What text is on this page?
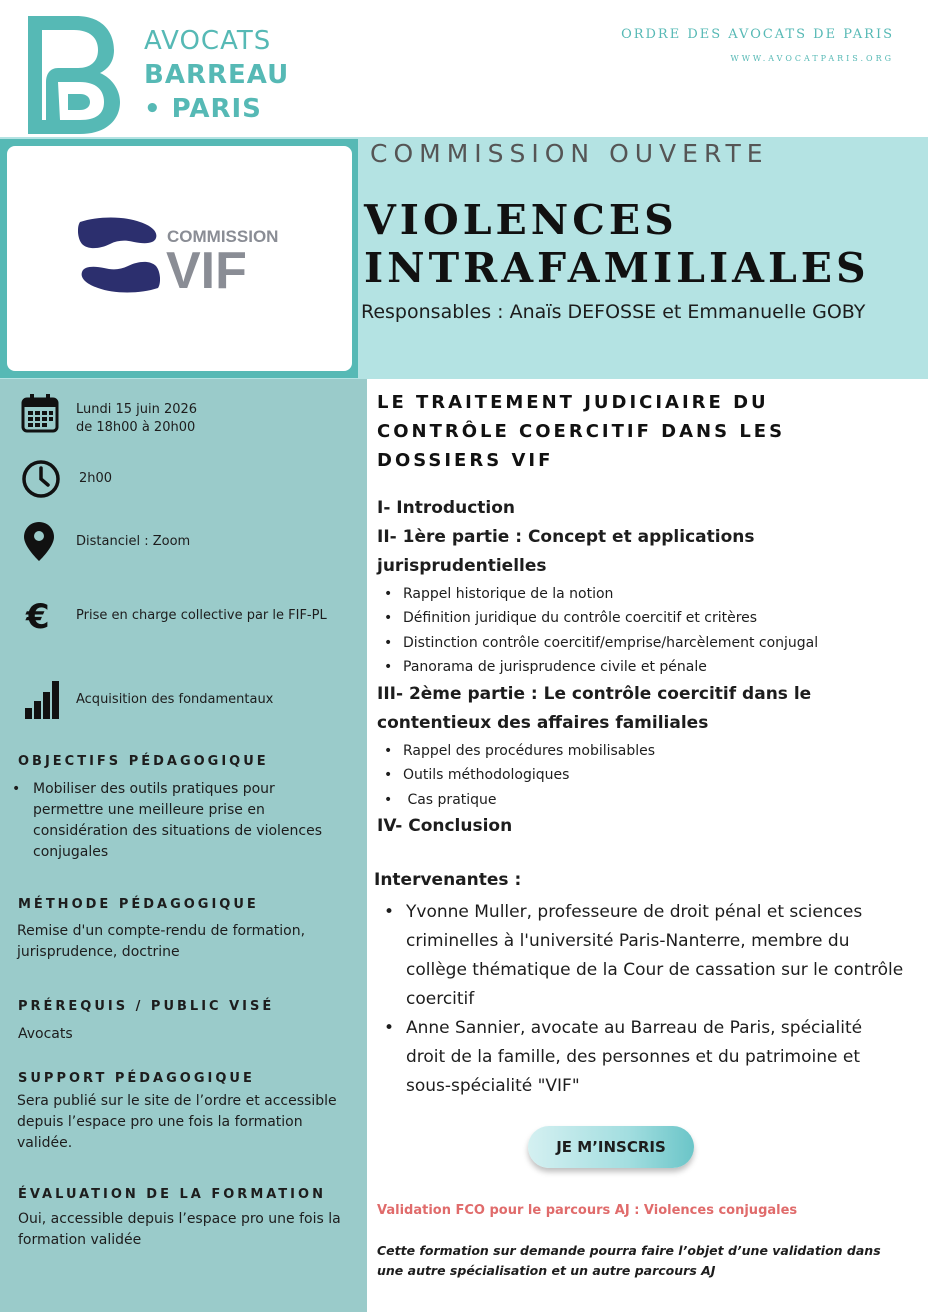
AVOCATS
BARREAU
• PARIS
ORDRE DES AVOCATS DE PARIS
WWW.AVOCATPARIS.ORG
COMMISSION
VIF
COMMISSION OUVERTE
VIOLENCES
INTRAFAMILIALES
Responsables : Anaïs DEFOSSE et Emmanuelle GOBY
Lundi 15 juin 2026
de 18h00 à 20h00
2h00
Distanciel : Zoom
€ Prise en charge collective par le FIF-PL
Acquisition des fondamentaux
OBJECTIFS PÉDAGOGIQUE
• Mobiliser des outils pratiques pour permettre une meilleure prise en considération des situations de violences conjugales
MÉTHODE PÉDAGOGIQUE
Remise d'un compte-rendu de formation, jurisprudence, doctrine
PRÉREQUIS / PUBLIC VISÉ
Avocats
SUPPORT PÉDAGOGIQUE
Sera publié sur le site de l’ordre et accessible depuis l’espace pro une fois la formation validée.
ÉVALUATION DE LA FORMATION
Oui, accessible depuis l’espace pro une fois la formation validée
LE TRAITEMENT JUDICIAIRE DU CONTRÔLE COERCITIF DANS LES DOSSIERS VIF
I- Introduction
II- 1ère partie : Concept et applications jurisprudentielles
• Rappel historique de la notion
• Définition juridique du contrôle coercitif et critères
• Distinction contrôle coercitif/emprise/harcèlement conjugal
• Panorama de jurisprudence civile et pénale
III- 2ème partie : Le contrôle coercitif dans le contentieux des affaires familiales
• Rappel des procédures mobilisables
• Outils méthodologiques
• Cas pratique
IV- Conclusion
Intervenantes :
• Yvonne Muller, professeure de droit pénal et sciences criminelles à l'université Paris-Nanterre, membre du collège thématique de la Cour de cassation sur le contrôle coercitif
• Anne Sannier, avocate au Barreau de Paris, spécialité droit de la famille, des personnes et du patrimoine et sous-spécialité "VIF"
JE M’INSCRIS
Validation FCO pour le parcours AJ : Violences conjugales
Cette formation sur demande pourra faire l’objet d’une validation dans une autre spécialisation et un autre parcours AJ
